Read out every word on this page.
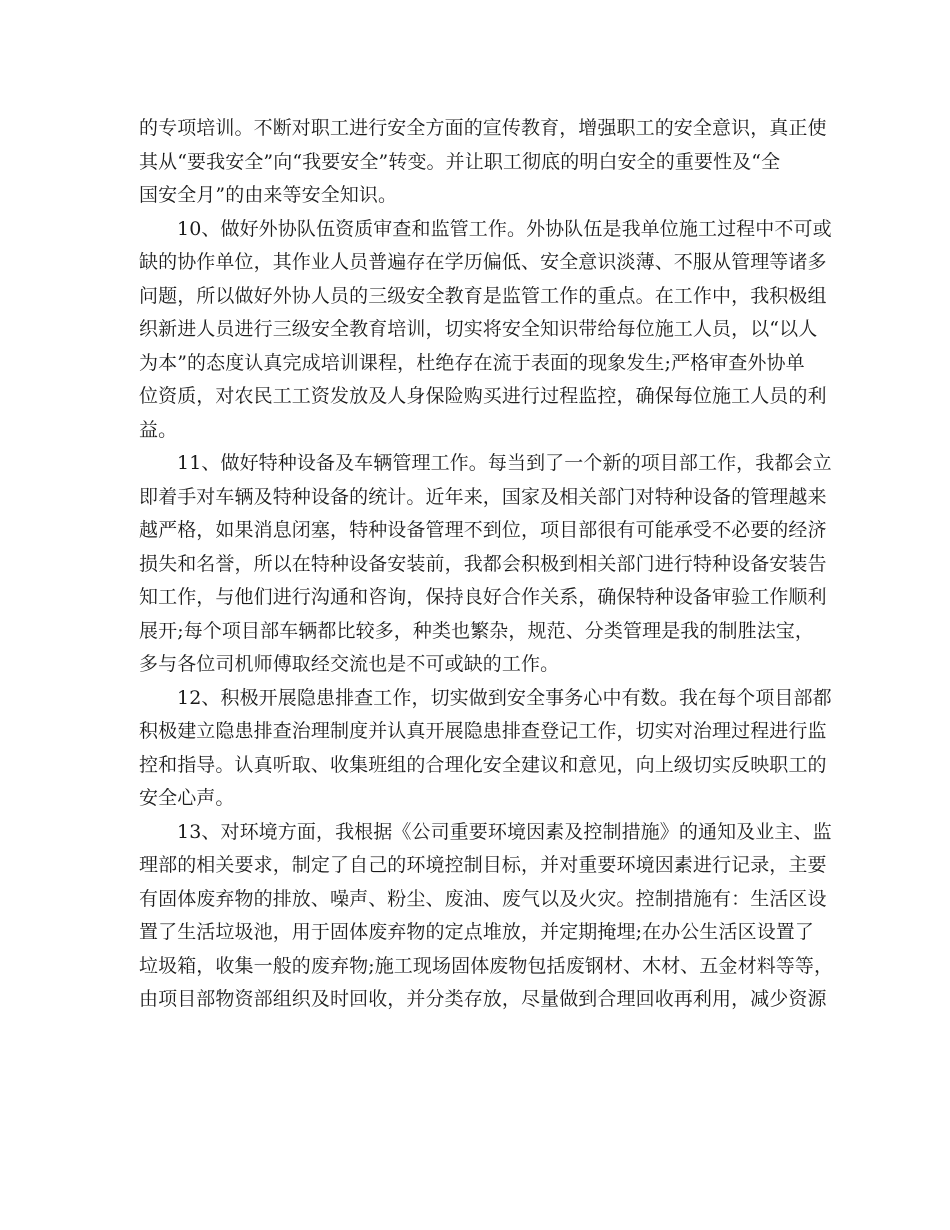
的专项培训。不断对职工进行安全方面的宣传教育，增强职工的安全意识，真正使
其从“要我安全”向“我要安全”转变。并让职工彻底的明白安全的重要性及“全
国安全月”的由来等安全知识。

10、做好外协队伍资质审查和监管工作。外协队伍是我单位施工过程中不可或
缺的协作单位，其作业人员普遍存在学历偏低、安全意识淡薄、不服从管理等诸多
问题，所以做好外协人员的三级安全教育是监管工作的重点。在工作中，我积极组
织新进人员进行三级安全教育培训，切实将安全知识带给每位施工人员，以“以人
为本”的态度认真完成培训课程，杜绝存在流于表面的现象发生;严格审查外协单
位资质，对农民工工资发放及人身保险购买进行过程监控，确保每位施工人员的利
益。

11、做好特种设备及车辆管理工作。每当到了一个新的项目部工作，我都会立
即着手对车辆及特种设备的统计。近年来，国家及相关部门对特种设备的管理越来
越严格，如果消息闭塞，特种设备管理不到位，项目部很有可能承受不必要的经济
损失和名誉，所以在特种设备安装前，我都会积极到相关部门进行特种设备安装告
知工作，与他们进行沟通和咨询，保持良好合作关系，确保特种设备审验工作顺利
展开;每个项目部车辆都比较多，种类也繁杂，规范、分类管理是我的制胜法宝，
多与各位司机师傅取经交流也是不可或缺的工作。

12、积极开展隐患排查工作，切实做到安全事务心中有数。我在每个项目部都
积极建立隐患排查治理制度并认真开展隐患排查登记工作，切实对治理过程进行监
控和指导。认真听取、收集班组的合理化安全建议和意见，向上级切实反映职工的
安全心声。

13、对环境方面，我根据《公司重要环境因素及控制措施》的通知及业主、监
理部的相关要求，制定了自己的环境控制目标，并对重要环境因素进行记录，主要
有固体废弃物的排放、噪声、粉尘、废油、废气以及火灾。控制措施有：生活区设
置了生活垃圾池，用于固体废弃物的定点堆放，并定期掩埋;在办公生活区设置了
垃圾箱，收集一般的废弃物;施工现场固体废物包括废钢材、木材、五金材料等等，
由项目部物资部组织及时回收，并分类存放，尽量做到合理回收再利用，减少资源
